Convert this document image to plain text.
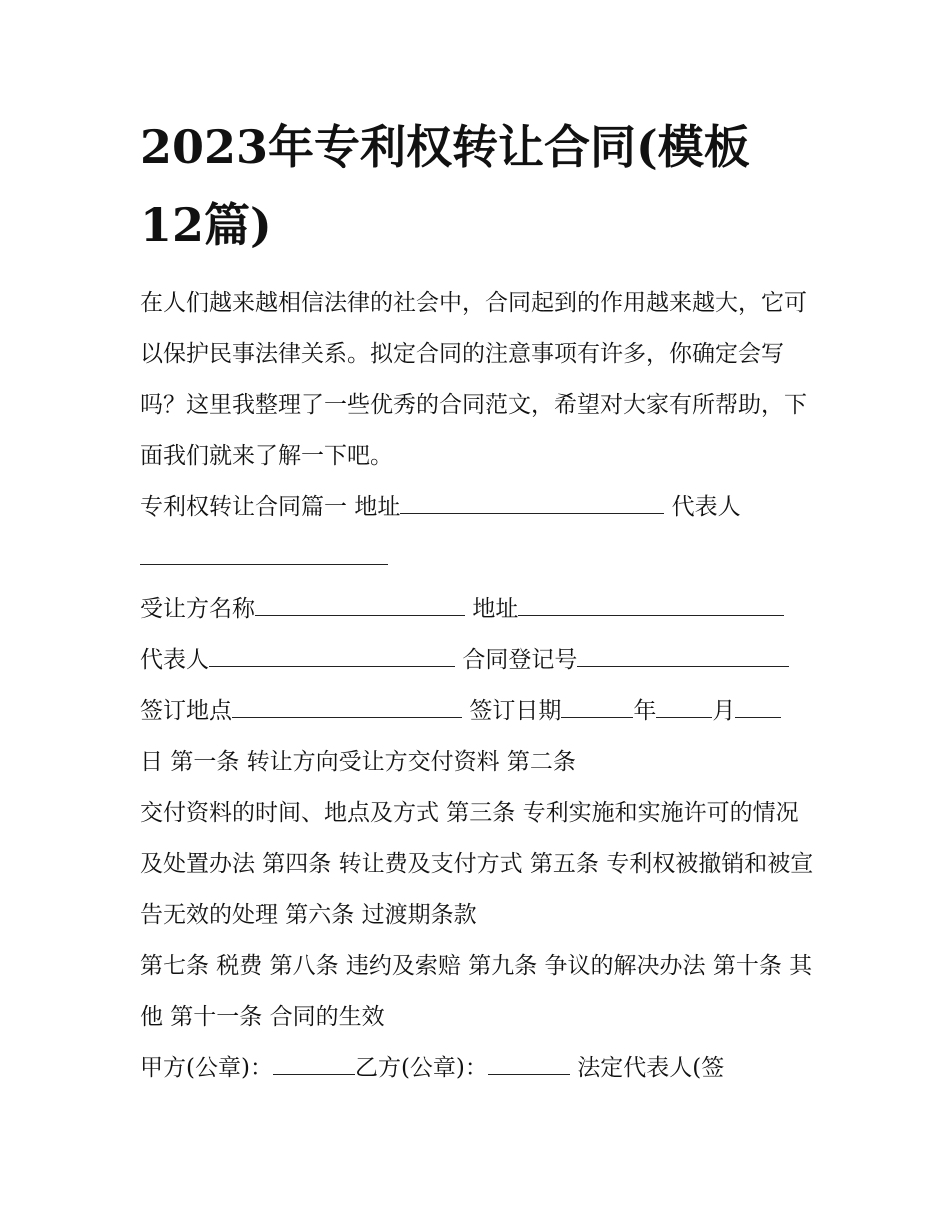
2023年专利权转让合同(模板
12篇)

在人们越来越相信法律的社会中，合同起到的作用越来越大，它可以保护民事法律关系。拟定合同的注意事项有许多，你确定会写吗？这里我整理了一些优秀的合同范文，希望对大家有所帮助，下面我们就来了解一下吧。

专利权转让合同篇一 地址	代表人
受让方名称	地址
代表人	合同登记号
签订地点	签订日期	年 月
日 第一条 转让方向受让方交付资料 第二条

交付资料的时间、地点及方式 第三条 专利实施和实施许可的情况及处置办法 第四条 转让费及支付方式 第五条 专利权被撤销和被宣告无效的处理 第六条 过渡期条款

第七条 税费 第八条 违约及索赔 第九条 争议的解决办法 第十条 其他 第十一条 合同的生效

甲方(公章)：	乙方(公章)：	法定代表人(签
